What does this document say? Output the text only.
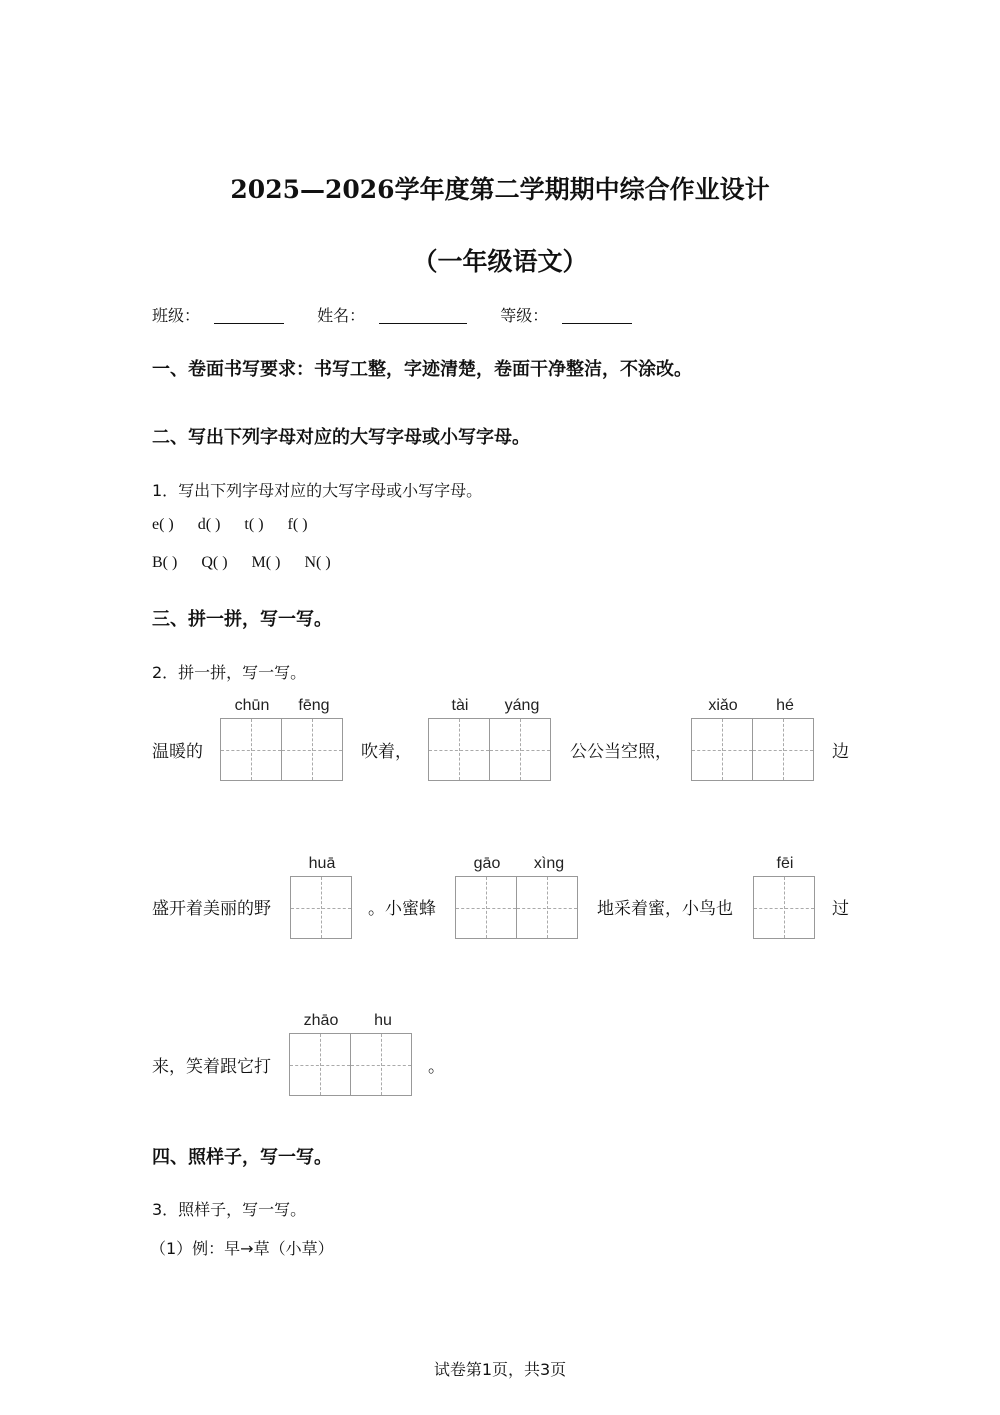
2025—2026学年度第二学期期中综合作业设计
（一年级语文）
班级：	姓名：	等级：
一、卷面书写要求：书写工整，字迹清楚，卷面干净整洁，不涂改。
二、写出下列字母对应的大写字母或小写字母。
1．写出下列字母对应的大写字母或小写字母。
e( ) d( ) t( ) f( )
B( ) Q( ) M( ) N( )
三、拼一拼，写一写。
2．拼一拼，写一写。
温暖的
chūn	fēng
吹着，
tài	yáng
公公当空照，
xiǎo	hé
边
盛开着美丽的野
huā
。小蜜蜂
gāo	xìng
地采着蜜，小鸟也
fēi
过
来，笑着跟它打
zhāo	hu
。
四、照样子，写一写。
3．照样子，写一写。
（1）例：早→草（小草）
试卷第1页，共3页
